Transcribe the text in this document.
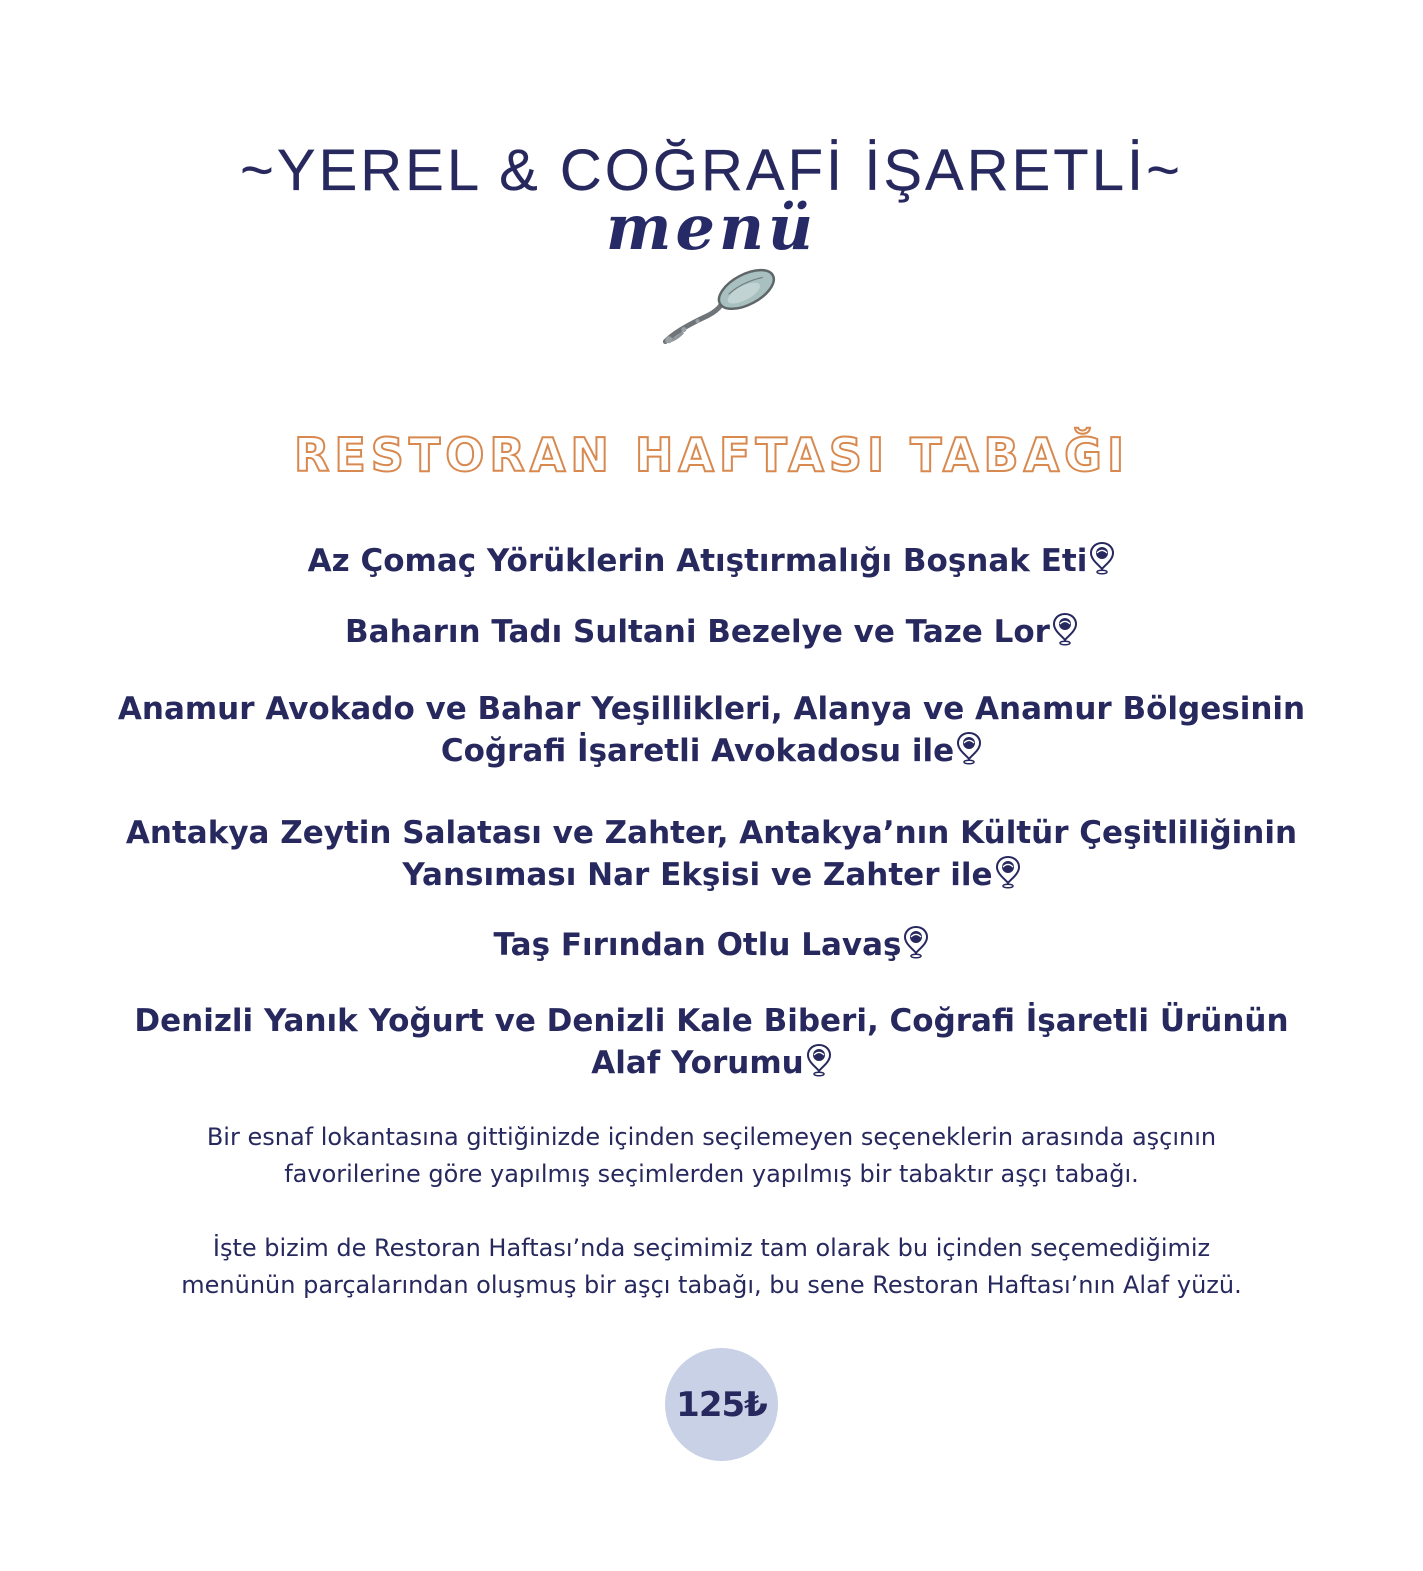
~YEREL & COĞRAFİ İŞARETLİ~
menü
RESTORAN HAFTASI TABAĞI
Az Çomaç Yörüklerin Atıştırmalığı Boşnak Eti
Baharın Tadı Sultani Bezelye ve Taze Lor
Anamur Avokado ve Bahar Yeşillikleri, Alanya ve Anamur Bölgesinin
Coğrafi İşaretli Avokadosu ile
Antakya Zeytin Salatası ve Zahter, Antakya’nın Kültür Çeşitliliğinin
Yansıması Nar Ekşisi ve Zahter ile
Taş Fırından Otlu Lavaş
Denizli Yanık Yoğurt ve Denizli Kale Biberi, Coğrafi İşaretli Ürünün
Alaf Yorumu
Bir esnaf lokantasına gittiğinizde içinden seçilemeyen seçeneklerin arasında aşçının
favorilerine göre yapılmış seçimlerden yapılmış bir tabaktır aşçı tabağı.
İşte bizim de Restoran Haftası’nda seçimimiz tam olarak bu içinden seçemediğimiz
menünün parçalarından oluşmuş bir aşçı tabağı, bu sene Restoran Haftası’nın Alaf yüzü.
125₺
